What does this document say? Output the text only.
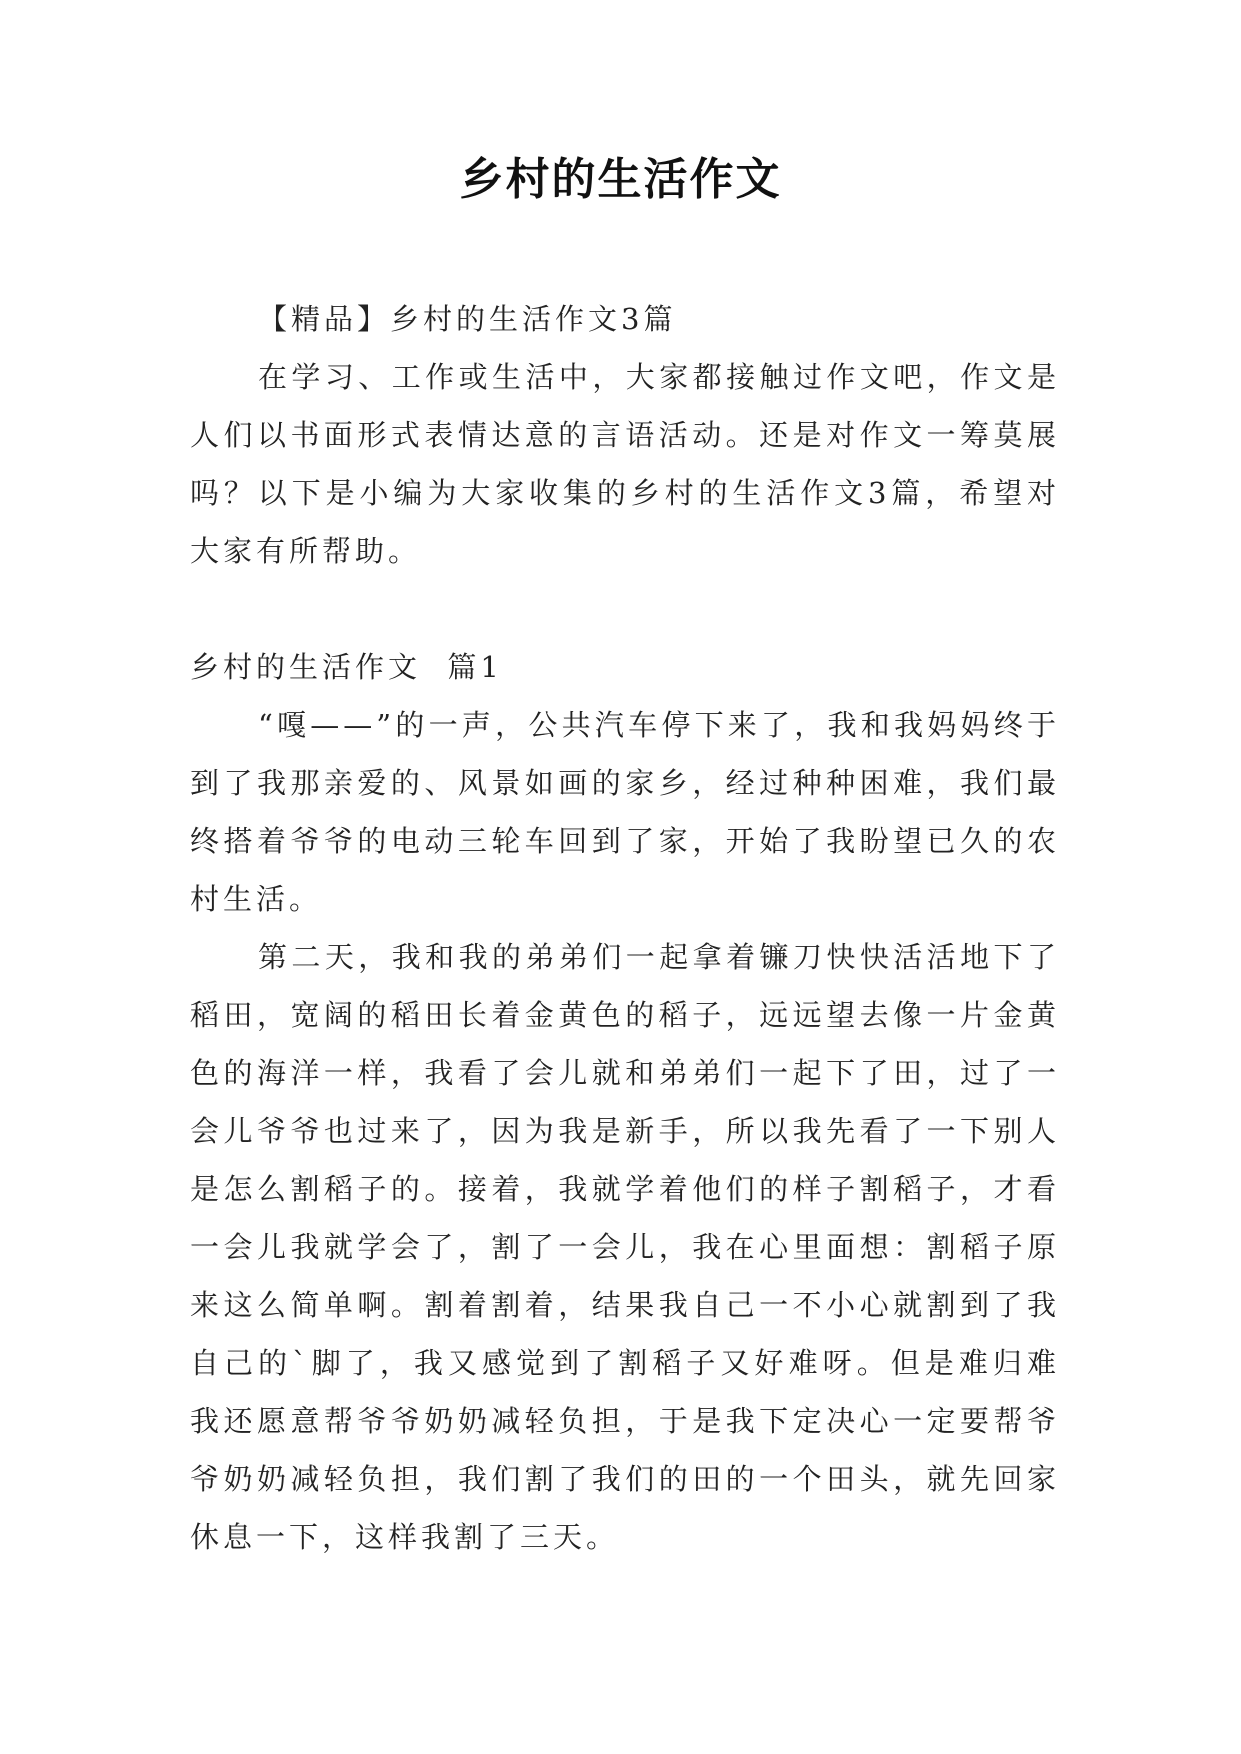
乡村的生活作文

【精品】乡村的生活作文3篇

在学习、工作或生活中，大家都接触过作文吧，作文是人们以书面形式表情达意的言语活动。还是对作文一筹莫展吗？以下是小编为大家收集的乡村的生活作文3篇，希望对大家有所帮助。

乡村的生活作文  篇1

“嘎——”的一声，公共汽车停下来了，我和我妈妈终于到了我那亲爱的、风景如画的家乡，经过种种困难，我们最终搭着爷爷的电动三轮车回到了家，开始了我盼望已久的农村生活。

第二天，我和我的弟弟们一起拿着镰刀快快活活地下了稻田，宽阔的稻田长着金黄色的稻子，远远望去像一片金黄色的海洋一样，我看了会儿就和弟弟们一起下了田，过了一会儿爷爷也过来了，因为我是新手，所以我先看了一下别人是怎么割稻子的。接着，我就学着他们的样子割稻子，才看一会儿我就学会了，割了一会儿，我在心里面想：割稻子原来这么简单啊。割着割着，结果我自己一不小心就割到了我自己的`脚了，我又感觉到了割稻子又好难呀。但是难归难我还愿意帮爷爷奶奶减轻负担，于是我下定决心一定要帮爷爷奶奶减轻负担，我们割了我们的田的一个田头，就先回家休息一下，这样我割了三天。
